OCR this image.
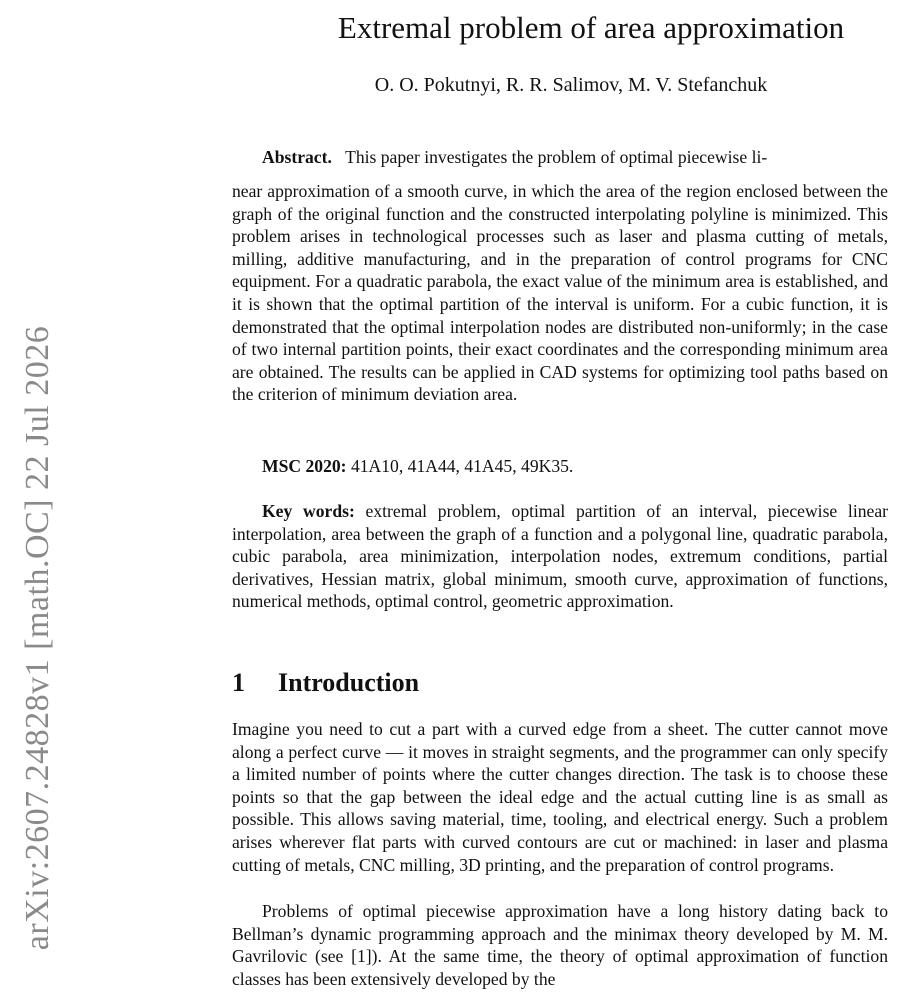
arXiv:2607.24828v1 [math.OC] 22 Jul 2026
Extremal problem of area approximation
O. O. Pokutnyi, R. R. Salimov, M. V. Stefanchuk
Abstract. This paper investigates the problem of optimal piecewise li-
near approximation of a smooth curve, in which the area of the region enclosed between the graph of the original function and the constructed interpolating polyline is minimized. This problem arises in technological processes such as laser and plasma cutting of metals, milling, additive manufacturing, and in the preparation of control programs for CNC equipment. For a quadratic parabola, the exact value of the minimum area is established, and it is shown that the optimal partition of the interval is uniform. For a cubic function, it is demonstrated that the optimal interpolation nodes are distributed non-uniformly; in the case of two internal partition points, their exact coordinates and the corresponding minimum area are obtained. The results can be applied in CAD systems for optimizing tool paths based on the criterion of minimum deviation area.
MSC 2020: 41A10, 41A44, 41A45, 49K35.
Key words: extremal problem, optimal partition of an interval, piecewise linear interpolation, area between the graph of a function and a polygonal line, quadratic parabola, cubic parabola, area minimization, interpolation nodes, extremum conditions, partial derivatives, Hessian matrix, global minimum, smooth curve, approximation of functions, numerical methods, optimal control, geometric approximation.
1 Introduction

Imagine you need to cut a part with a curved edge from a sheet. The cutter cannot move along a perfect curve — it moves in straight segments, and the programmer can only specify a limited number of points where the cutter changes direction. The task is to choose these points so that the gap between the ideal edge and the actual cutting line is as small as possible. This allows saving material, time, tooling, and electrical energy. Such a problem arises wherever flat parts with curved contours are cut or machined: in laser and plasma cutting of metals, CNC milling, 3D printing, and the preparation of control programs.

Problems of optimal piecewise approximation have a long history dating back to Bellman’s dynamic programming approach and the minimax theory developed by M. M. Gavrilovic (see [1]). At the same time, the theory of optimal approximation of function classes has been extensively developed by the
